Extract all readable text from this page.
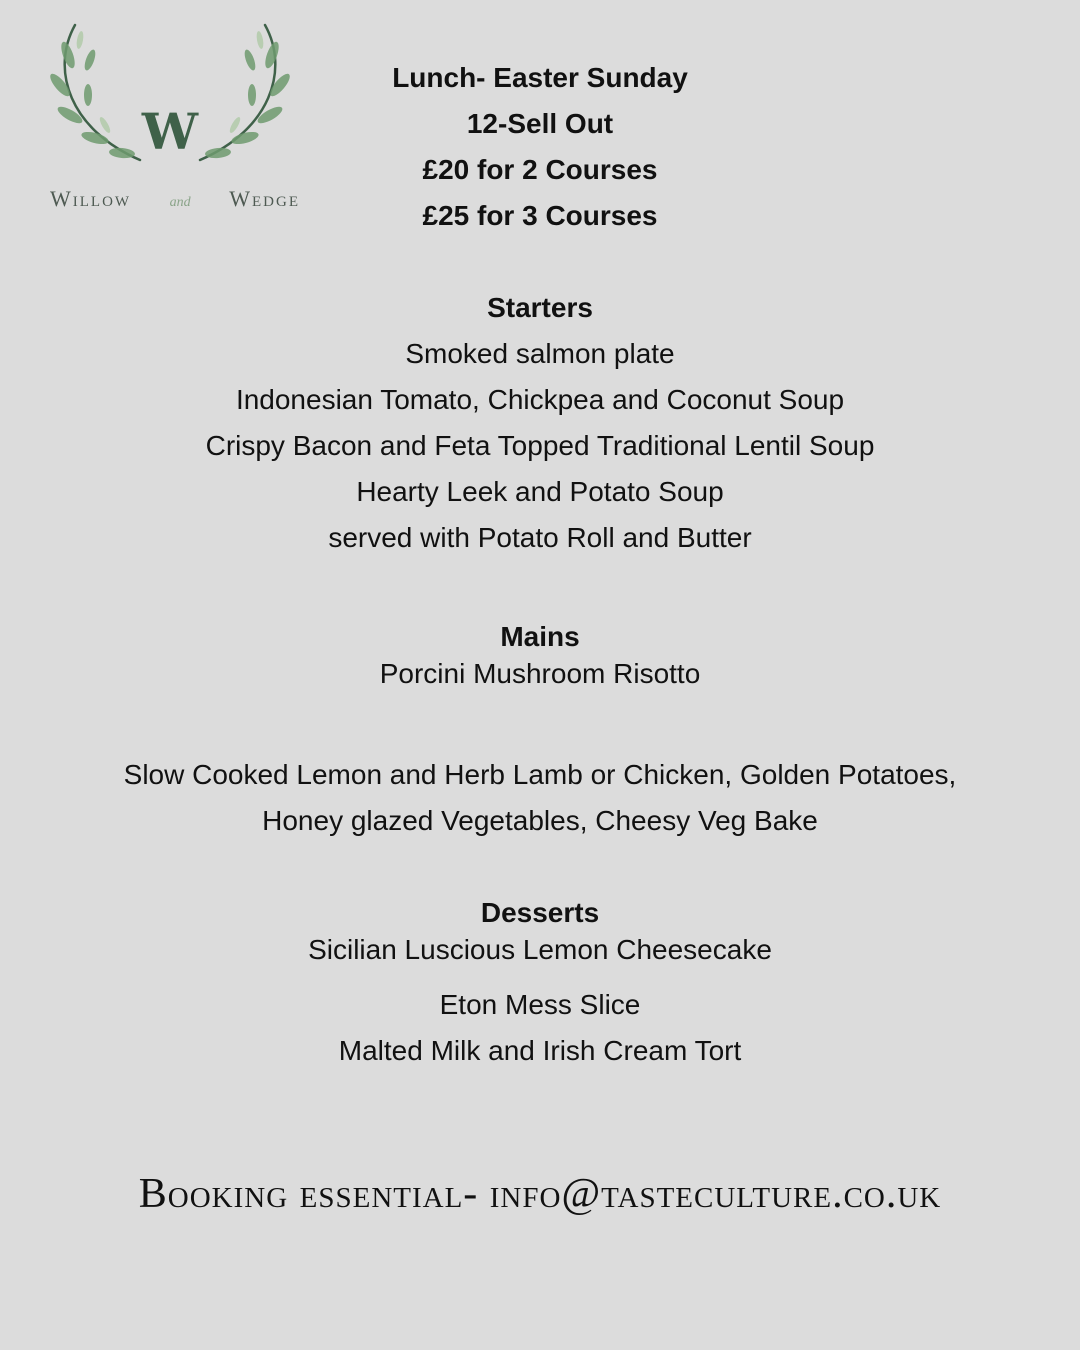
W
Willow	and Wedge
Lunch- Easter Sunday
12-Sell Out
£20 for 2 Courses
£25 for 3 Courses
Starters
Smoked salmon plate
Indonesian Tomato, Chickpea and Coconut Soup
Crispy Bacon and Feta Topped Traditional Lentil Soup
Hearty Leek and Potato Soup
served with Potato Roll and Butter
Mains
Porcini Mushroom Risotto
Slow Cooked Lemon and Herb Lamb or Chicken, Golden Potatoes,
Honey glazed Vegetables, Cheesy Veg Bake
Desserts
Sicilian Luscious Lemon Cheesecake
Eton Mess Slice
Malted Milk and Irish Cream Tort
Booking essential- info@tasteculture.co.uk
